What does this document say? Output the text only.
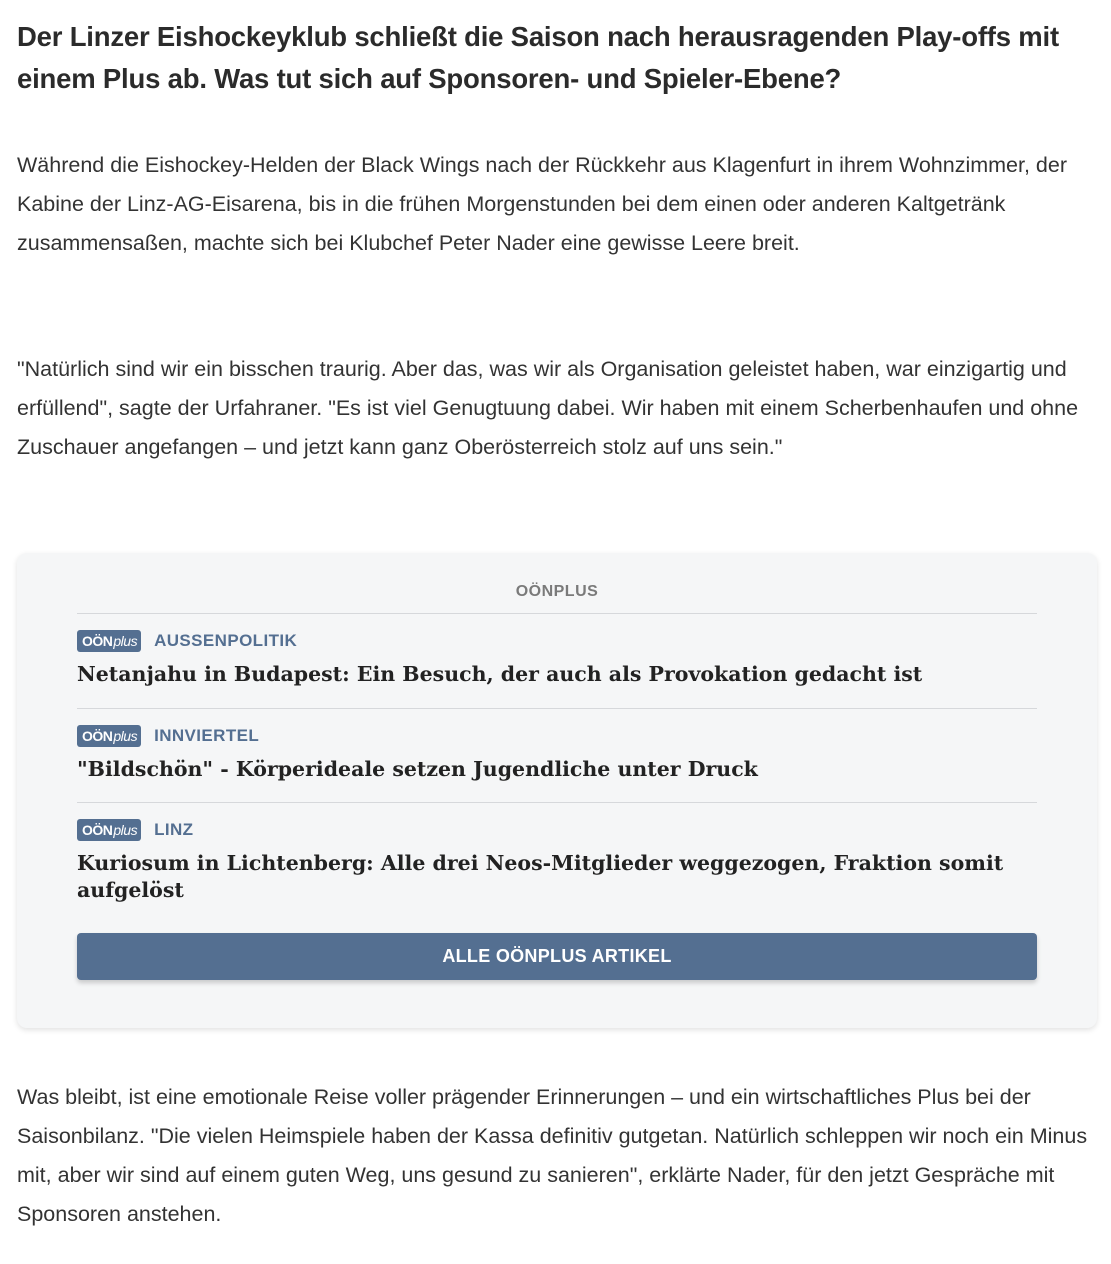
Der Linzer Eishockeyklub schließt die Saison nach herausragenden Play-offs mit einem Plus ab. Was tut sich auf Sponsoren- und Spieler-Ebene?

Während die Eishockey-Helden der Black Wings nach der Rückkehr aus Klagenfurt in ihrem Wohnzimmer, der Kabine der Linz-AG-Eisarena, bis in die frühen Morgenstunden bei dem einen oder anderen Kaltgetränk zusammensaßen, machte sich bei Klubchef Peter Nader eine gewisse Leere breit.

"Natürlich sind wir ein bisschen traurig. Aber das, was wir als Organisation geleistet haben, war einzigartig und erfüllend", sagte der Urfahraner. "Es ist viel Genugtuung dabei. Wir haben mit einem Scherbenhaufen und ohne Zuschauer angefangen – und jetzt kann ganz Oberösterreich stolz auf uns sein."

OÖNPLUS
OÖN plus AUSSENPOLITIK
Netanjahu in Budapest: Ein Besuch, der auch als Provokation gedacht ist
OÖN plus INNVIERTEL
"Bildschön" - Körperideale setzen Jugendliche unter Druck
OÖN plus LINZ
Kuriosum in Lichtenberg: Alle drei Neos-Mitglieder weggezogen, Fraktion somit aufgelöst
ALLE OÖNPLUS ARTIKEL

Was bleibt, ist eine emotionale Reise voller prägender Erinnerungen – und ein wirtschaftliches Plus bei der Saisonbilanz. "Die vielen Heimspiele haben der Kassa definitiv gutgetan. Natürlich schleppen wir noch ein Minus mit, aber wir sind auf einem guten Weg, uns gesund zu sanieren", erklärte Nader, für den jetzt Gespräche mit Sponsoren anstehen.
